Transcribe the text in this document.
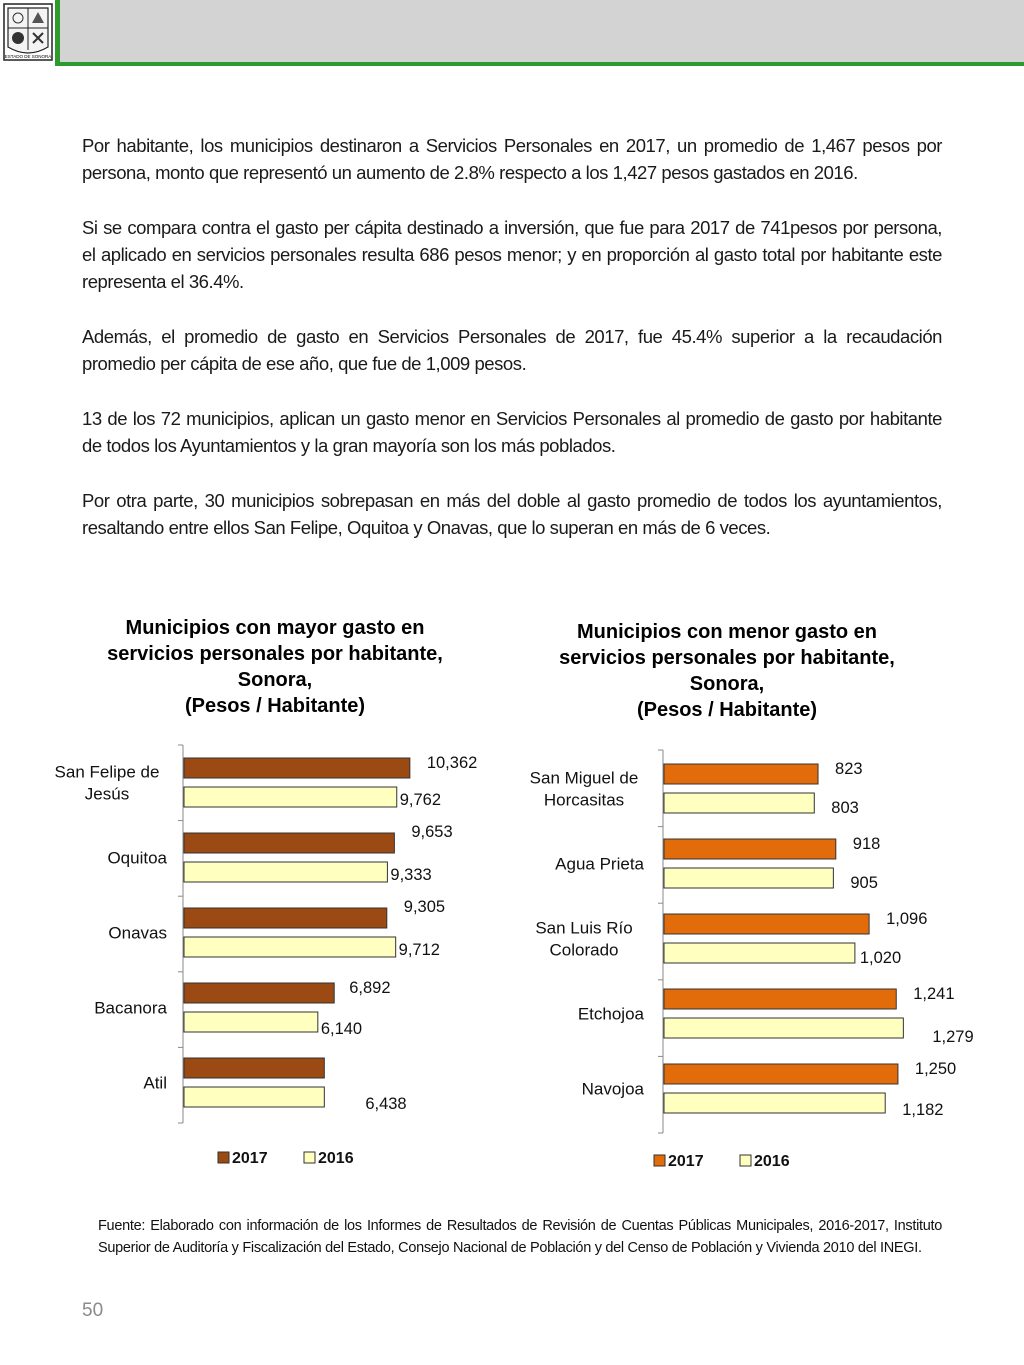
ESTADO DE SONORA

Por habitante, los municipios destinaron a Servicios Personales en 2017, un promedio de 1,467 pesos por persona, monto que representó un aumento de 2.8% respecto a los 1,427 pesos gastados en 2016.

Si se compara contra el gasto per cápita destinado a inversión, que fue para 2017 de 741pesos por persona, el aplicado en servicios personales resulta 686 pesos menor; y en proporción al gasto total por habitante este representa el 36.4%.

Además, el promedio de gasto en Servicios Personales de 2017, fue 45.4% superior a la recaudación promedio per cápita de ese año, que fue de 1,009 pesos.

13 de los 72 municipios, aplican un gasto menor en Servicios Personales al promedio de gasto por habitante de todos los Ayuntamientos y la gran mayoría son los más poblados.

Por otra parte, 30 municipios sobrepasan en más del doble al gasto promedio de todos los ayuntamientos, resaltando entre ellos San Felipe, Oquitoa y Onavas, que lo superan en más de 6 veces.

Municipios con mayor gasto en
servicios personales por habitante,
Sonora,
(Pesos / Habitante)
Municipios con menor gasto en
servicios personales por habitante,
Sonora,
(Pesos / Habitante)
San Felipe de
Jesús
10,362
9,762
Oquitoa
9,653
9,333
Onavas
9,305
9,712
Bacanora
6,892
6,140
Atil
6,438
2017	2016
San Miguel de
Horcasitas
823
803
Agua Prieta
918
905
San Luis Río
Colorado
1,096
1,020
Etchojoa
1,241
1,279
Navojoa
1,250
1,182
2017	2016

Fuente: Elaborado con información de los Informes de Resultados de Revisión de Cuentas Públicas Municipales, 2016-2017, Instituto Superior de Auditoría y Fiscalización del Estado, Consejo Nacional de Población y del Censo de Población y Vivienda 2010 del INEGI.

50
